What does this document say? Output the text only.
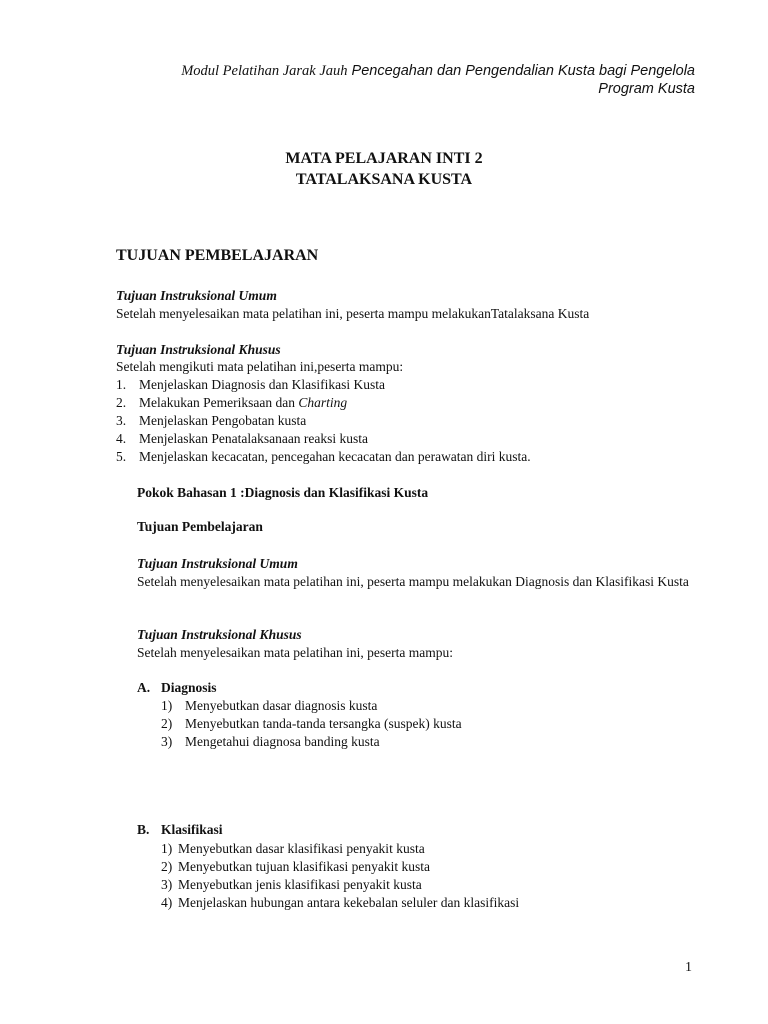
Modul Pelatihan Jarak Jauh Pencegahan dan Pengendalian Kusta bagi Pengelola
Program Kusta
MATA PELAJARAN INTI 2
TATALAKSANA KUSTA
TUJUAN PEMBELAJARAN
Tujuan Instruksional Umum
Setelah menyelesaikan mata pelatihan ini, peserta mampu melakukanTatalaksana Kusta
Tujuan Instruksional Khusus
Setelah mengikuti mata pelatihan ini,peserta mampu:
1. Menjelaskan Diagnosis dan Klasifikasi Kusta
2. Melakukan Pemeriksaan dan Charting
3. Menjelaskan Pengobatan kusta
4. Menjelaskan Penatalaksanaan reaksi kusta
5. Menjelaskan kecacatan, pencegahan kecacatan dan perawatan diri kusta.
Pokok Bahasan 1 :Diagnosis dan Klasifikasi Kusta
Tujuan Pembelajaran
Tujuan Instruksional Umum
Setelah menyelesaikan mata pelatihan ini, peserta mampu melakukan Diagnosis dan Klasifikasi Kusta
Tujuan Instruksional Khusus
Setelah menyelesaikan mata pelatihan ini, peserta mampu:
A. Diagnosis
1) Menyebutkan dasar diagnosis kusta
2) Menyebutkan tanda-tanda tersangka (suspek) kusta
3) Mengetahui diagnosa banding kusta
B. Klasifikasi
1) Menyebutkan dasar klasifikasi penyakit kusta
2) Menyebutkan tujuan klasifikasi penyakit kusta
3) Menyebutkan jenis klasifikasi penyakit kusta
4) Menjelaskan hubungan antara kekebalan seluler dan klasifikasi
1
